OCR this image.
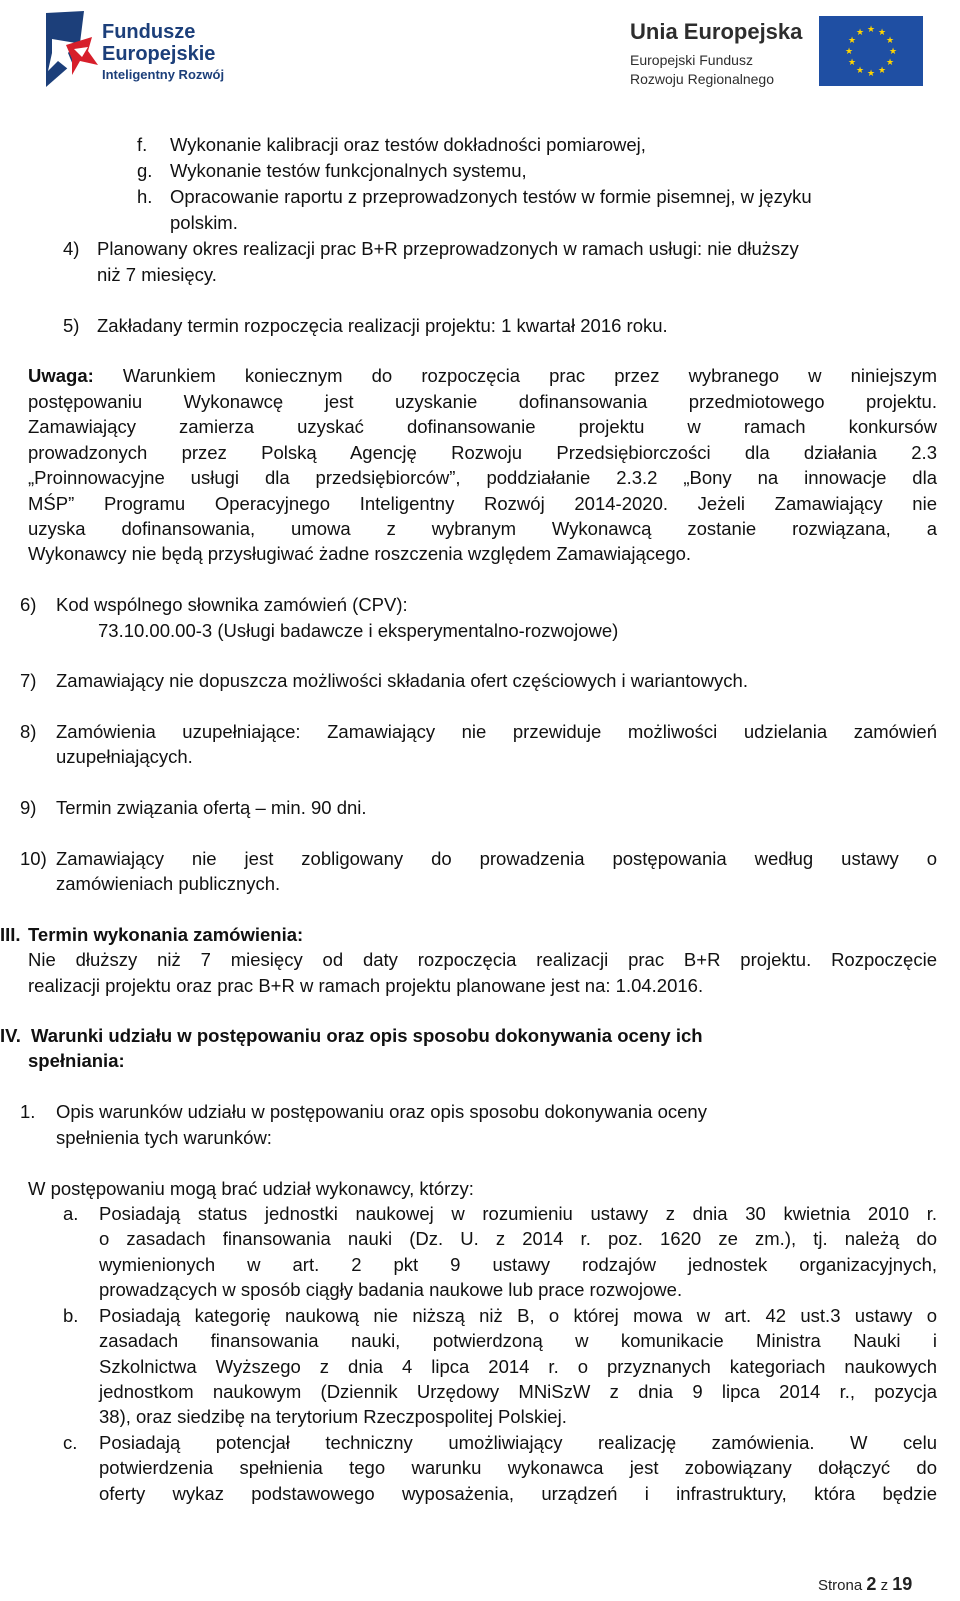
Fundusze
Europejskie
Inteligentny Rozwój
Unia Europejska
Europejski Fundusz
Rozwoju Regionalnego
★ ★
★
★
★
★
★
★
★
★
★
★
f. Wykonanie kalibracji oraz testów dokładności pomiarowej,
g. Wykonanie testów funkcjonalnych systemu,
h. Opracowanie raportu z przeprowadzonych testów w formie pisemnej, w języku
polskim.
4) Planowany okres realizacji prac B+R przeprowadzonych w ramach usługi: nie dłuższy
niż 7 miesięcy.
5) Zakładany termin rozpoczęcia realizacji projektu: 1 kwartał 2016 roku.
Uwaga: Warunkiem koniecznym do rozpoczęcia prac przez wybranego w niniejszym
postępowaniu Wykonawcę jest uzyskanie dofinansowania przedmiotowego projektu.
Zamawiający zamierza uzyskać dofinansowanie projektu w ramach konkursów
prowadzonych przez Polską Agencję Rozwoju Przedsiębiorczości dla działania 2.3
„Proinnowacyjne usługi dla przedsiębiorców”, poddziałanie 2.3.2 „Bony na innowacje dla
MŚP” Programu Operacyjnego Inteligentny Rozwój 2014-2020. Jeżeli Zamawiający nie
uzyska dofinansowania, umowa z wybranym Wykonawcą zostanie rozwiązana, a
Wykonawcy nie będą przysługiwać żadne roszczenia względem Zamawiającego.
6) Kod wspólnego słownika zamówień (CPV):
73.10.00.00-3 (Usługi badawcze i eksperymentalno-rozwojowe)
7) Zamawiający nie dopuszcza możliwości składania ofert częściowych i wariantowych.
8) Zamówienia uzupełniające: Zamawiający nie przewiduje możliwości udzielania zamówień
uzupełniających.
9) Termin związania ofertą – min. 90 dni.
10) Zamawiający nie jest zobligowany do prowadzenia postępowania według ustawy o
zamówieniach publicznych.
III. Termin wykonania zamówienia:
Nie dłuższy niż 7 miesięcy od daty rozpoczęcia realizacji prac B+R projektu. Rozpoczęcie
realizacji projektu oraz prac B+R w ramach projektu planowane jest na: 1.04.2016.
IV. Warunki udziału w postępowaniu oraz opis sposobu dokonywania oceny ich
spełniania:
1. Opis warunków udziału w postępowaniu oraz opis sposobu dokonywania oceny
spełnienia tych warunków:
W postępowaniu mogą brać udział wykonawcy, którzy:
a. Posiadają status jednostki naukowej w rozumieniu ustawy z dnia 30 kwietnia 2010 r.
o zasadach finansowania nauki (Dz. U. z 2014 r. poz. 1620 ze zm.), tj. należą do
wymienionych w art. 2 pkt 9 ustawy rodzajów jednostek organizacyjnych,
prowadzących w sposób ciągły badania naukowe lub prace rozwojowe.
b. Posiadają kategorię naukową nie niższą niż B, o której mowa w art. 42 ust.3 ustawy o
zasadach finansowania nauki, potwierdzoną w komunikacie Ministra Nauki i
Szkolnictwa Wyższego z dnia 4 lipca 2014 r. o przyznanych kategoriach naukowych
jednostkom naukowym (Dziennik Urzędowy MNiSzW z dnia 9 lipca 2014 r., pozycja
38), oraz siedzibę na terytorium Rzeczpospolitej Polskiej.
c. Posiadają potencjał techniczny umożliwiający realizację zamówienia. W celu
potwierdzenia spełnienia tego warunku wykonawca jest zobowiązany dołączyć do
oferty wykaz podstawowego wyposażenia, urządzeń i infrastruktury, która będzie
Strona 2 z 19
